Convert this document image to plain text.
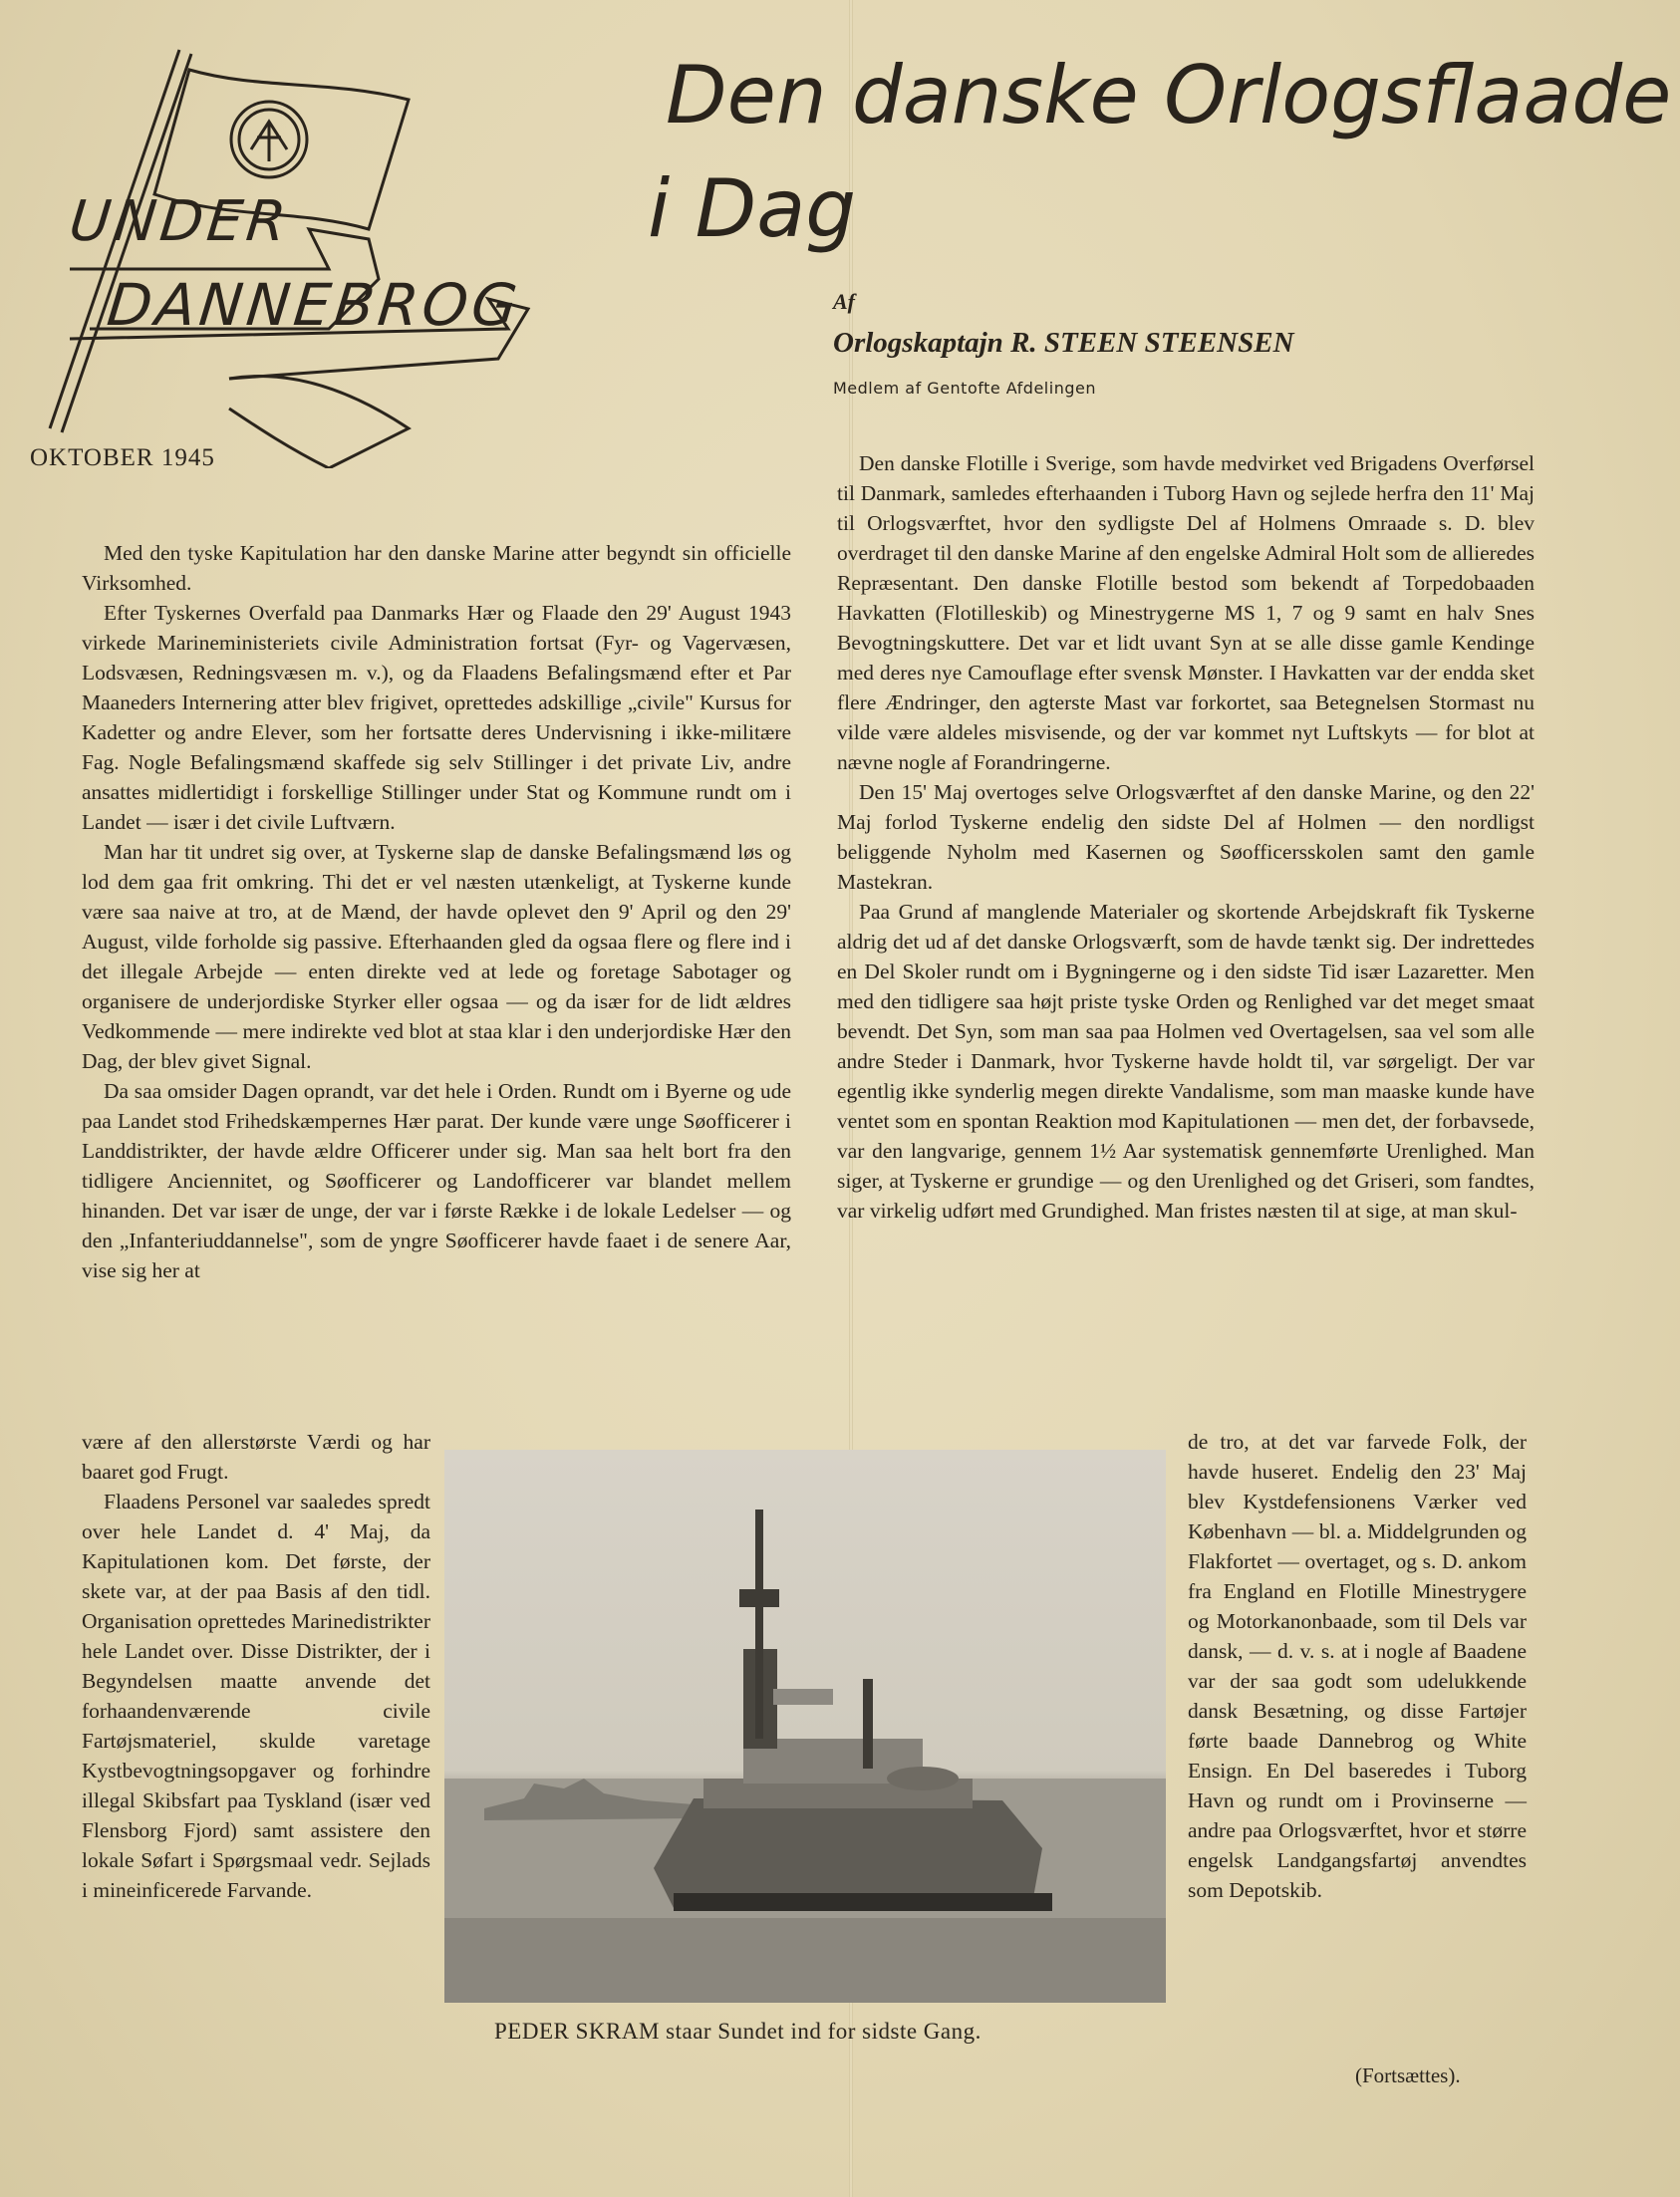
UNDER
DANNEBROG
OKTOBER 1945
Den danske Orlogsflaade
i Dag
Af
Orlogskaptajn R. STEEN STEENSEN
Medlem af Gentofte Afdelingen

Med den tyske Kapitulation har den danske Marine atter begyndt sin officielle Virksomhed.

Efter Tyskernes Overfald paa Danmarks Hær og Flaade den 29' August 1943 virkede Marineministeriets civile Administration fortsat (Fyr- og Vagervæsen, Lodsvæsen, Redningsvæsen m. v.), og da Flaadens Befalingsmænd efter et Par Maaneders Internering atter blev frigivet, oprettedes adskillige „civile" Kursus for Kadetter og andre Elever, som her fortsatte deres Undervisning i ikke-militære Fag. Nogle Befalingsmænd skaffede sig selv Stillinger i det private Liv, andre ansattes midlertidigt i forskellige Stillinger under Stat og Kommune rundt om i Landet — især i det civile Luftværn.

Man har tit undret sig over, at Tyskerne slap de danske Befalingsmænd løs og lod dem gaa frit omkring. Thi det er vel næsten utænkeligt, at Tyskerne kunde være saa naive at tro, at de Mænd, der havde oplevet den 9' April og den 29' August, vilde forholde sig passive. Efterhaanden gled da ogsaa flere og flere ind i det illegale Arbejde — enten direkte ved at lede og foretage Sabotager og organisere de underjordiske Styrker eller ogsaa — og da især for de lidt ældres Vedkommende — mere indirekte ved blot at staa klar i den underjordiske Hær den Dag, der blev givet Signal.

Da saa omsider Dagen oprandt, var det hele i Orden. Rundt om i Byerne og ude paa Landet stod Frihedskæmpernes Hær parat. Der kunde være unge Søofficerer i Landdistrikter, der havde ældre Officerer under sig. Man saa helt bort fra den tidligere Anciennitet, og Søofficerer og Landofficerer var blandet mellem hinanden. Det var især de unge, der var i første Række i de lokale Ledelser — og den „Infanteriuddannelse", som de yngre Søofficerer havde faaet i de senere Aar, vise sig her at

være af den allerstørste Værdi og har baaret god Frugt.

Flaadens Personel var saaledes spredt over hele Landet d. 4' Maj, da Kapitulationen kom. Det første, der skete var, at der paa Basis af den tidl. Organisation oprettedes Marinedistrikter hele Landet over. Disse Distrikter, der i Begyndelsen maatte anvende det forhaandenværende civile Fartøjsmateriel, skulde varetage Kystbevogtningsopgaver og forhindre illegal Skibsfart paa Tyskland (især ved Flensborg Fjord) samt assistere den lokale Søfart i Spørgsmaal vedr. Sejlads i mineinficerede Farvande.

Den danske Flotille i Sverige, som havde medvirket ved Brigadens Overførsel til Danmark, samledes efterhaanden i Tuborg Havn og sejlede herfra den 11' Maj til Orlogsværftet, hvor den sydligste Del af Holmens Omraade s. D. blev overdraget til den danske Marine af den engelske Admiral Holt som de allieredes Repræsentant. Den danske Flotille bestod som bekendt af Torpedobaaden Havkatten (Flotilleskib) og Minestrygerne MS 1, 7 og 9 samt en halv Snes Bevogtningskuttere. Det var et lidt uvant Syn at se alle disse gamle Kendinge med deres nye Camouflage efter svensk Mønster. I Havkatten var der endda sket flere Ændringer, den agterste Mast var forkortet, saa Betegnelsen Stormast nu vilde være aldeles misvisende, og der var kommet nyt Luftskyts — for blot at nævne nogle af Forandringerne.

Den 15' Maj overtoges selve Orlogsværftet af den danske Marine, og den 22' Maj forlod Tyskerne endelig den sidste Del af Holmen — den nordligst beliggende Nyholm med Kasernen og Søofficersskolen samt den gamle Mastekran.

Paa Grund af manglende Materialer og skortende Arbejdskraft fik Tyskerne aldrig det ud af det danske Orlogsværft, som de havde tænkt sig. Der indrettedes en Del Skoler rundt om i Bygningerne og i den sidste Tid især Lazaretter. Men med den tidligere saa højt priste tyske Orden og Renlighed var det meget smaat bevendt. Det Syn, som man saa paa Holmen ved Overtagelsen, saa vel som alle andre Steder i Danmark, hvor Tyskerne havde holdt til, var sørgeligt. Der var egentlig ikke synderlig megen direkte Vandalisme, som man maaske kunde have ventet som en spontan Reaktion mod Kapitulationen — men det, der forbavsede, var den langvarige, gennem 1½ Aar systematisk gennemførte Urenlighed. Man siger, at Tyskerne er grundige — og den Urenlighed og det Griseri, som fandtes, var virkelig udført med Grundighed. Man fristes næsten til at sige, at man skul-

de tro, at det var farvede Folk, der havde huseret. Endelig den 23' Maj blev Kystdefensionens Værker ved København — bl. a. Middelgrunden og Flakfortet — overtaget, og s. D. ankom fra England en Flotille Minestrygere og Motorkanonbaade, som til Dels var dansk, — d. v. s. at i nogle af Baadene var der saa godt som udelukkende dansk Besætning, og disse Fartøjer førte baade Dannebrog og White Ensign. En Del baseredes i Tuborg Havn og rundt om i Provinserne — andre paa Orlogsværftet, hvor et større engelsk Landgangsfartøj anvendtes som Depotskib.

PEDER SKRAM staar Sundet ind for sidste Gang.
(Fortsættes).
